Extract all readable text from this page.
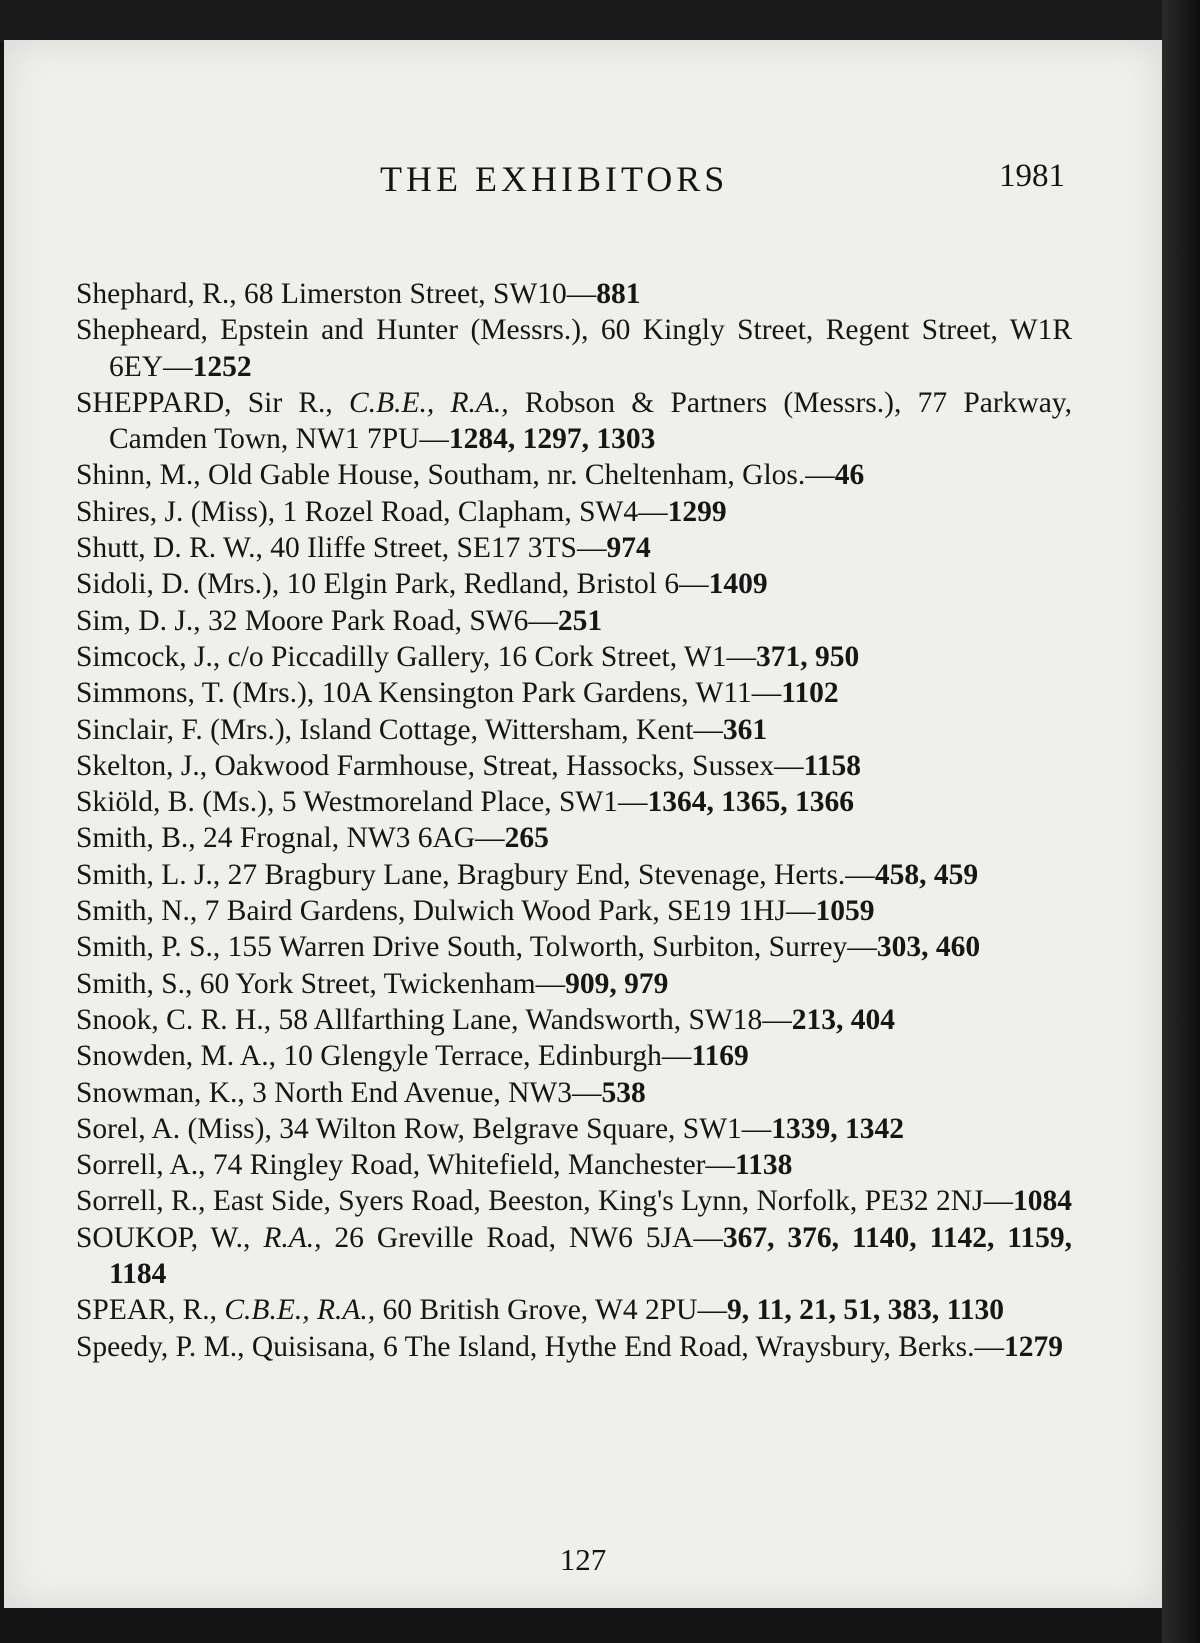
THE EXHIBITORS	1981
Shephard, R., 68 Limerston Street, SW10—881
Shepheard, Epstein and Hunter (Messrs.), 60 Kingly Street, Regent Street, W1R 6EY—1252
SHEPPARD, Sir R., C.B.E., R.A., Robson & Partners (Messrs.), 77 Parkway, Camden Town, NW1 7PU—1284, 1297, 1303
Shinn, M., Old Gable House, Southam, nr. Cheltenham, Glos.—46
Shires, J. (Miss), 1 Rozel Road, Clapham, SW4—1299
Shutt, D. R. W., 40 Iliffe Street, SE17 3TS—974
Sidoli, D. (Mrs.), 10 Elgin Park, Redland, Bristol 6—1409
Sim, D. J., 32 Moore Park Road, SW6—251
Simcock, J., c/o Piccadilly Gallery, 16 Cork Street, W1—371, 950
Simmons, T. (Mrs.), 10A Kensington Park Gardens, W11—1102
Sinclair, F. (Mrs.), Island Cottage, Wittersham, Kent—361
Skelton, J., Oakwood Farmhouse, Streat, Hassocks, Sussex—1158
Skiöld, B. (Ms.), 5 Westmoreland Place, SW1—1364, 1365, 1366
Smith, B., 24 Frognal, NW3 6AG—265
Smith, L. J., 27 Bragbury Lane, Bragbury End, Stevenage, Herts.—458, 459
Smith, N., 7 Baird Gardens, Dulwich Wood Park, SE19 1HJ—1059
Smith, P. S., 155 Warren Drive South, Tolworth, Surbiton, Surrey—303, 460
Smith, S., 60 York Street, Twickenham—909, 979
Snook, C. R. H., 58 Allfarthing Lane, Wandsworth, SW18—213, 404
Snowden, M. A., 10 Glengyle Terrace, Edinburgh—1169
Snowman, K., 3 North End Avenue, NW3—538
Sorel, A. (Miss), 34 Wilton Row, Belgrave Square, SW1—1339, 1342
Sorrell, A., 74 Ringley Road, Whitefield, Manchester—1138
Sorrell, R., East Side, Syers Road, Beeston, King's Lynn, Norfolk, PE32 2NJ—1084
SOUKOP, W., R.A., 26 Greville Road, NW6 5JA—367, 376, 1140, 1142, 1159, 1184
SPEAR, R., C.B.E., R.A., 60 British Grove, W4 2PU—9, 11, 21, 51, 383, 1130
Speedy, P. M., Quisisana, 6 The Island, Hythe End Road, Wraysbury, Berks.—1279
127
